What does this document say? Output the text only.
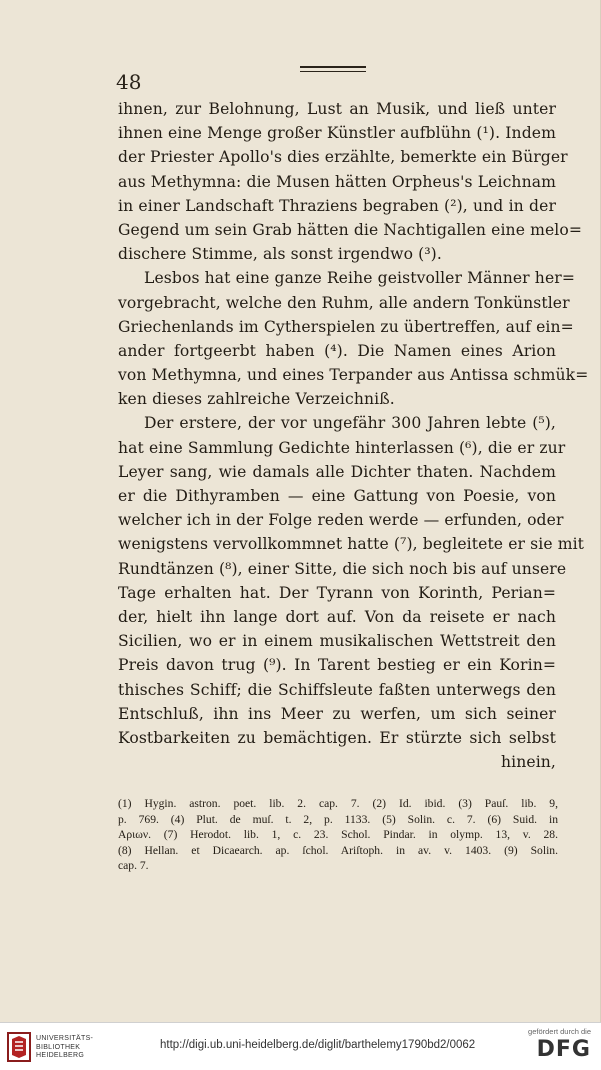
48
ihnen, zur Belohnung, Lust an Musik, und ließ unter
ihnen eine Menge großer Künstler aufblühn (¹). Indem
der Priester Apollo's dies erzählte, bemerkte ein Bürger
aus Methymna: die Musen hätten Orpheus's Leichnam
in einer Landschaft Thraziens begraben (²), und in der
Gegend um sein Grab hätten die Nachtigallen eine melo=
dischere Stimme, als sonst irgendwo (³).
Lesbos hat eine ganze Reihe geistvoller Männer her=
vorgebracht, welche den Ruhm, alle andern Tonkünstler
Griechenlands im Cytherspielen zu übertreffen, auf ein=
ander fortgeerbt haben (⁴). Die Namen eines Arion
von Methymna, und eines Terpander aus Antissa schmük=
ken dieses zahlreiche Verzeichniß.
Der erstere, der vor ungefähr 300 Jahren lebte (⁵),
hat eine Sammlung Gedichte hinterlassen (⁶), die er zur
Leyer sang, wie damals alle Dichter thaten. Nachdem
er die Dithyramben — eine Gattung von Poesie, von
welcher ich in der Folge reden werde — erfunden, oder
wenigstens vervollkommnet hatte (⁷), begleitete er sie mit
Rundtänzen (⁸), einer Sitte, die sich noch bis auf unsere
Tage erhalten hat. Der Tyrann von Korinth, Perian=
der, hielt ihn lange dort auf. Von da reisete er nach
Sicilien, wo er in einem musikalischen Wettstreit den
Preis davon trug (⁹). In Tarent bestieg er ein Korin=
thisches Schiff; die Schiffsleute faßten unterwegs den
Entschluß, ihn ins Meer zu werfen, um sich seiner
Kostbarkeiten zu bemächtigen. Er stürzte sich selbst
hinein,
(1) Hygin. astron. poet. lib. 2. cap. 7. (2) Id. ibid. (3) Pauſ. lib. 9,
p. 769. (4) Plut. de muſ. t. 2, p. 1133. (5) Solin. c. 7. (6) Suid. in
Αριων. (7) Herodot. lib. 1, c. 23. Schol. Pindar. in olymp. 13, v. 28.
(8) Hellan. et Dicaearch. ap. ſchol. Ariſtoph. in av. v. 1403. (9) Solin.
cap. 7.
UNIVERSITÄTS-
BIBLIOTHEK
HEIDELBERG
http://digi.ub.uni-heidelberg.de/diglit/barthelemy1790bd2/0062
gefördert durch die
DFG
